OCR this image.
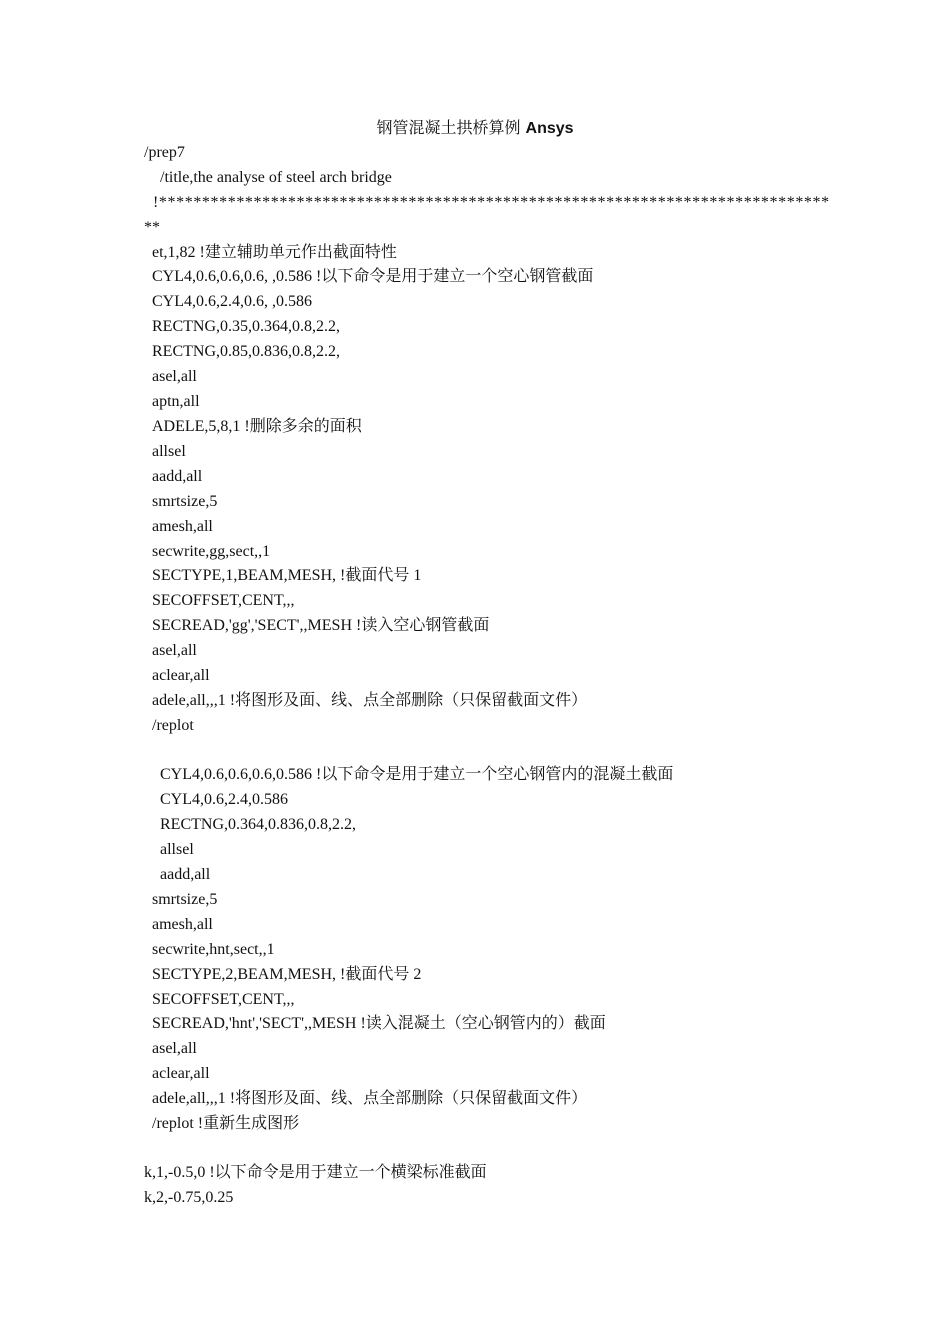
钢管混凝土拱桥算例 Ansys
/prep7
/title,the analyse of steel arch bridge
!******************************************************************************
**
et,1,82 !建立辅助单元作出截面特性
CYL4,0.6,0.6,0.6, ,0.586 !以下命令是用于建立一个空心钢管截面
CYL4,0.6,2.4,0.6, ,0.586
RECTNG,0.35,0.364,0.8,2.2,
RECTNG,0.85,0.836,0.8,2.2,
asel,all
aptn,all
ADELE,5,8,1 !删除多余的面积
allsel
aadd,all
smrtsize,5
amesh,all
secwrite,gg,sect,,1
SECTYPE,1,BEAM,MESH, !截面代号 1
SECOFFSET,CENT,,,
SECREAD,'gg','SECT',,MESH !读入空心钢管截面
asel,all
aclear,all
adele,all,,,1 !将图形及面、线、点全部删除（只保留截面文件）
/replot
CYL4,0.6,0.6,0.6,0.586 !以下命令是用于建立一个空心钢管内的混凝土截面
CYL4,0.6,2.4,0.586
RECTNG,0.364,0.836,0.8,2.2,
allsel
aadd,all
smrtsize,5
amesh,all
secwrite,hnt,sect,,1
SECTYPE,2,BEAM,MESH, !截面代号 2
SECOFFSET,CENT,,,
SECREAD,'hnt','SECT',,MESH !读入混凝土（空心钢管内的）截面
asel,all
aclear,all
adele,all,,,1 !将图形及面、线、点全部删除（只保留截面文件）
/replot !重新生成图形
k,1,-0.5,0 !以下命令是用于建立一个横梁标准截面
k,2,-0.75,0.25
